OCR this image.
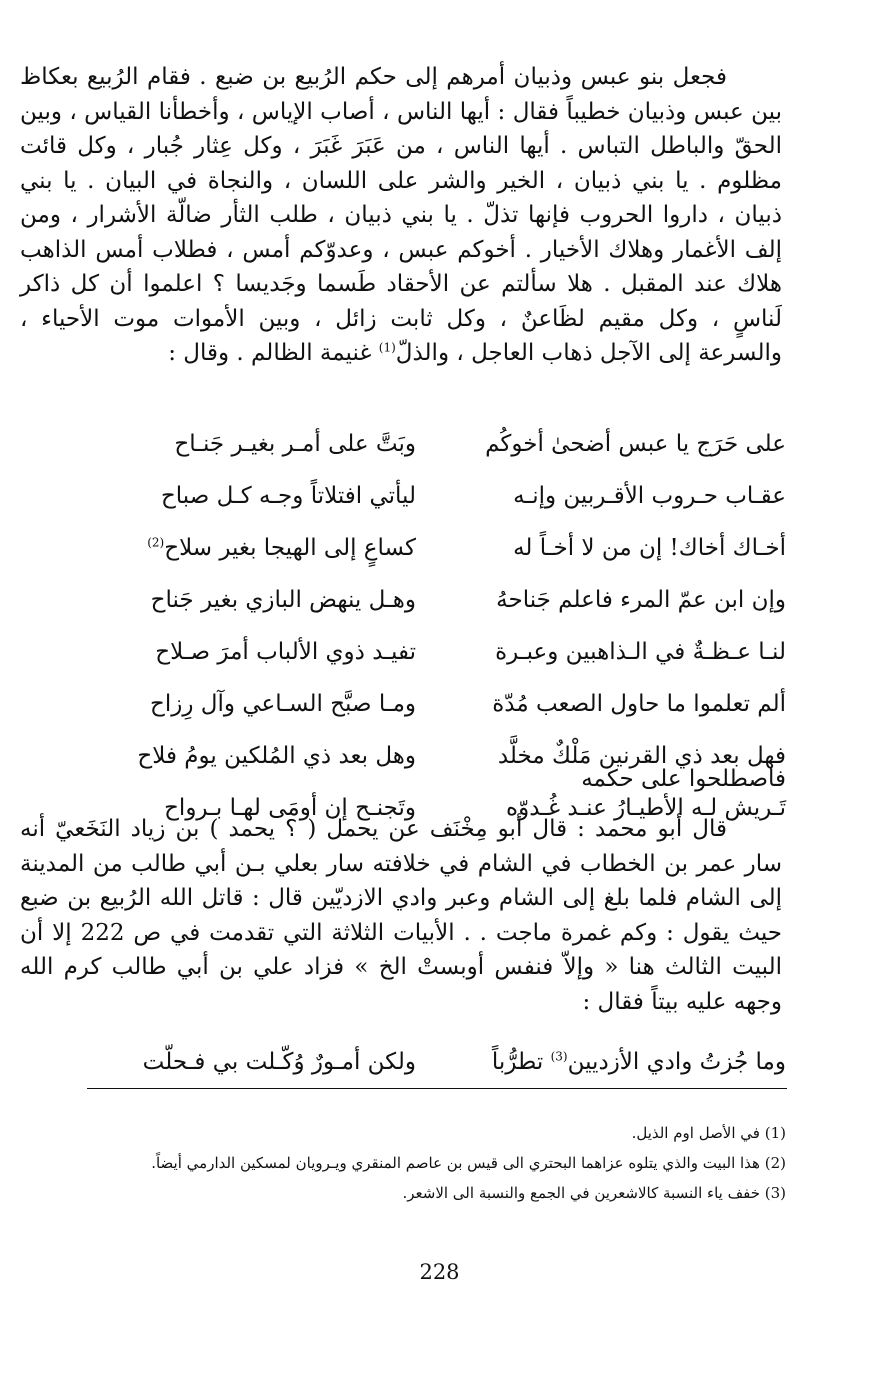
فجعل بنو عبس وذبيان أمرهم إلى حكم الرُبيع بن ضبع . فقام الرُبيع بعكاظ بين عبس وذبيان خطيباً فقال : أيها الناس ، أصاب الإياس ، وأخطأنا القياس ، وبين الحقّ والباطل التباس . أيها الناس ، من عَبَرَ غَبَرَ ، وكل عِثار جُبار ، وكل قائت مظلوم . يا بني ذبيان ، الخير والشر على اللسان ، والنجاة في البيان . يا بني ذبيان ، داروا الحروب فإنها تذلّ . يا بني ذبيان ، طلب الثأر ضالّة الأشرار ، ومن إلف الأغمار وهلاك الأخيار . أخوكم عبس ، وعدوّكم أمس ، فطلاب أمس الذاهب هلاك عند المقبل . هلا سألتم عن الأحقاد طَسما وجَديسا ؟ اعلموا أن كل ذاكر لَناسٍ ، وكل مقيم لظَاعنٌ ، وكل ثابت زائل ، وبين الأموات موت الأحياء ، والسرعة إلى الآجل ذهاب العاجل ، والذلّ$^{(1)}$ غنيمة الظالم . وقال :

على حَرَج يا عبس أضحىٰ أخوكُم
وبَتَّ على أمـر بغيـر جَنـاح
عقـاب حـروب الأقـربين وإنـه
ليأتي افتلاتاً وجـه كـل صباح
أخـاك أخاك! إن من لا أخـاً له
كساعٍ إلى الهيجا بغير سلاح$^{(2)}$
وإن ابن عمّ المرء فاعلم جَناحهُ
وهـل ينهض البازي بغير جَناح
لنـا عـظـةٌ في الـذاهبين وعبـرة
تفيـد ذوي الألباب أمرَ صـلاح
ألم تعلموا ما حاول الصعب مُدّة
ومـا صبَّح السـاعي وآل رِزاح
فهل بعد ذي القرنين مَلْكٌ مخلَّد
وهل بعد ذي المُلكين يومُ فلاح
تَـريش لـه الأطيـارُ عنـد غُـدوّه
وتَجنـح إن أومَى لهـا بـرواح

فاصطلحوا على حكمه

قال أبو محمد : قال أبو مِخْنَف عن يحمل ( ؟ يحمد ) بن زياد النَخَعيّ أنه سار عمر بن الخطاب في الشام في خلافته سار بعلي بـن أبي طالب من المدينة إلى الشام فلما بلغ إلى الشام وعبر وادي الازديّين قال : قاتل الله الرُبيع بن ضبع حيث يقول : وكم غمرة ماجت . . الأبيات الثلاثة التي تقدمت في ص 222 إلا أن البيت الثالث هنا « وإلاّ فنفس أوبستْ الخ » فزاد علي بن أبي طالب كرم الله وجهه عليه بيتاً فقال :

وما جُزتُ وادي الأزديين$^{(3)}$ تطرُّباً
ولكن أمـورٌ وُكّـلت بي فـحلّت
(1) في الأصل اوم الذيل.
(2) هذا البيت والذي يتلوه عزاهما البحتري الى قيس بن عاصم المنقري ويـرويان لمسكين الدارمي أيضاً.
(3) خفف ياء النسبة كالاشعرين في الجمع والنسبة الى الاشعر.
228
